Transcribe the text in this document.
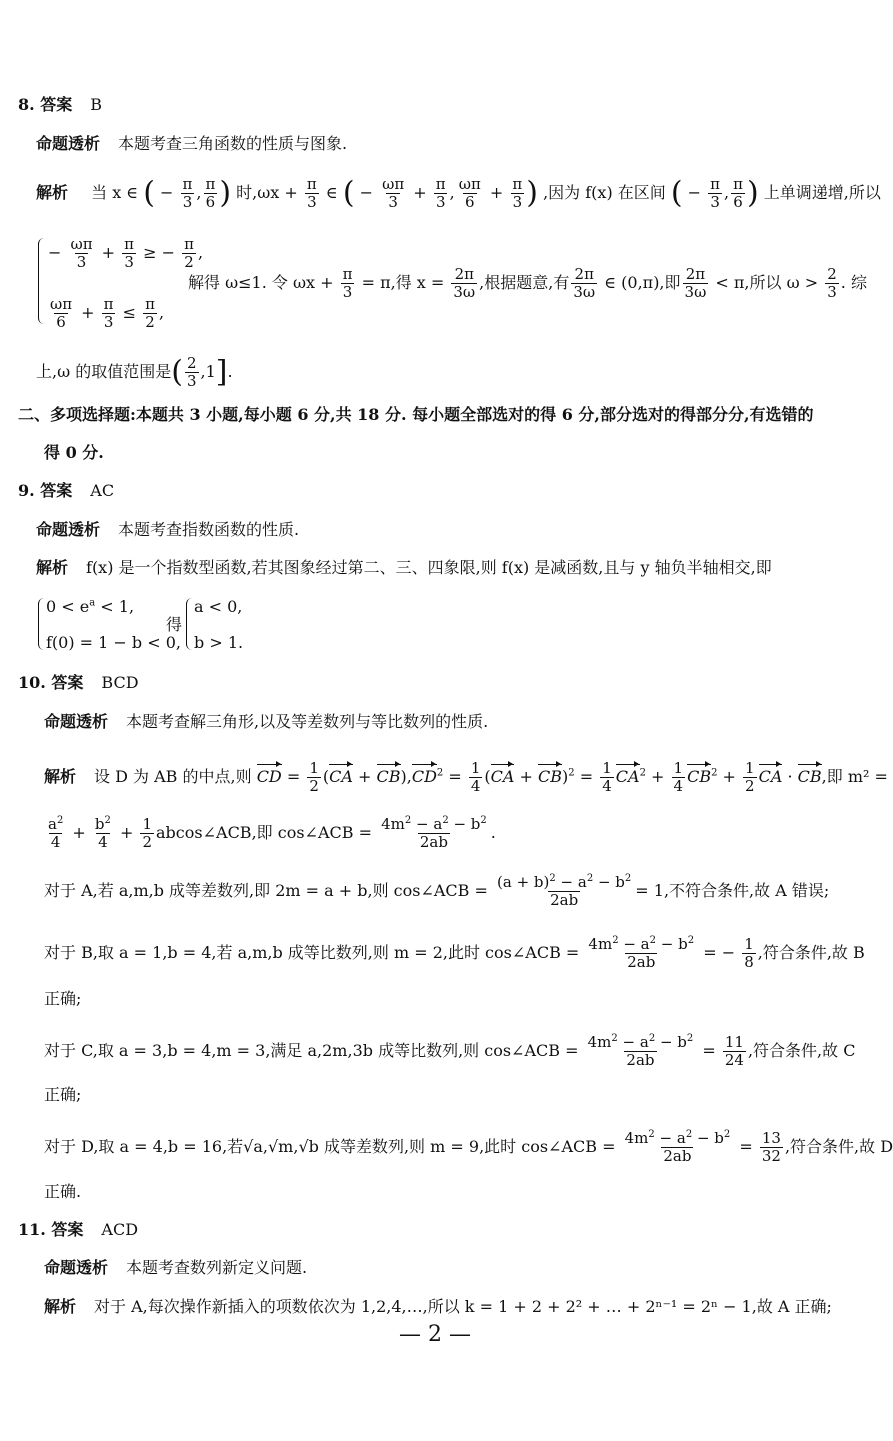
8. 答案 B
命题透析 本题考查三角函数的性质与图象.
解析 当 x ∈ ( − $\frac{\pi}{3}$ , $\frac{\pi}{6}$ ) 时$,\omega x + \frac{\pi}{3}$ ∈ ( − $\frac{\omega\pi}{3} + \frac{\pi}{3}$ , $\frac{\omega\pi}{6} + \frac{\pi}{3}$ ) ,因为 f(x) 在区间 ( − $\frac{\pi}{3}$ , $\frac{\pi}{6}$ ) 上单调递增,所以
− $\frac{\omega\pi}{3} + \frac{\pi}{3}$ ≥ − $\frac{\pi}{2}$ ,
$\frac{\omega\pi}{6} + \frac{\pi}{3} \le \frac{\pi}{2}$ ,
解得 ω≤1. 令 $\omega x + \frac{\pi}{3} = \pi$,得 $x = \frac{2\pi}{3\omega}$ ,根据题意,有 $\frac{2\pi}{3\omega}$ ∈ (0,π),即 $\frac{2\pi}{3\omega} < \pi$,所以 $\omega > \frac{2}{3}$ . 综
上,ω 的取值范围是( $\frac{2}{3} ,1$].
二、多项选择题:本题共 3 小题,每小题 6 分,共 18 分. 每小题全部选对的得 6 分,部分选对的得部分分,有选错的
得 0 分.
9. 答案 AC
命题透析 本题考查指数函数的性质.
解析 f(x) 是一个指数型函数,若其图象经过第二、三、四象限,则 f(x) 是减函数,且与 y 轴负半轴相交,即
$0 < e^a < 1$,
f(0) = 1 − b < 0,
得
a < 0,
b > 1.
10. 答案 BCD
命题透析 本题考查解三角形,以及等差数列与等比数列的性质.
解析 设 D 为 AB 的中点,则 CD = $\frac{1}{2} (CA + CB),CD^2 = \frac{1}{4} (CA + CB)^2 = \frac{1}{4} CA^2 + \frac{1}{4} CB^2 + \frac{1}{2}$ CA · CB,即 m² =
$\frac{a^2}{4} + \frac{b^2}{4} + \frac{1}{2}$ abcos∠ACB,即 cos∠ACB = $\frac{4m^2 - a^2 - b^2}{2ab}$ .
对于 A,若 a,m,b 成等差数列,即 2m = a + b,则 cos∠ACB = $\frac{(a + b)^2 - a^2 - b^2}{2ab} = 1$,不符合条件,故 A 错误;
对于 B,取 a = 1,b = 4,若 a,m,b 成等比数列,则 m = 2,此时 cos∠ACB = $\frac{4m^2 - a^2 - b^2}{2ab}$ = − $\frac{1}{8}$ ,符合条件,故 B
正确;
对于 C,取 a = 3,b = 4,m = 3,满足 a,2m,3b 成等比数列,则 cos∠ACB = $\frac{4m^2 - a^2 - b^2}{2ab} = \frac{11}{24}$ ,符合条件,故 C
正确;
对于 D,取 a = 4,b = 16,若√a,√m,√b 成等差数列,则 m = 9,此时 cos∠ACB = $\frac{4m^2 - a^2 - b^2}{2ab} = \frac{13}{32}$ ,符合条件,故 D
正确.
11. 答案 ACD
命题透析 本题考查数列新定义问题.
解析 对于 A,每次操作新插入的项数依次为 1,2,4,…,所以 k = 1 + 2 + 2² + … + 2ⁿ⁻¹ = 2ⁿ − 1,故 A 正确;
— 2 —
